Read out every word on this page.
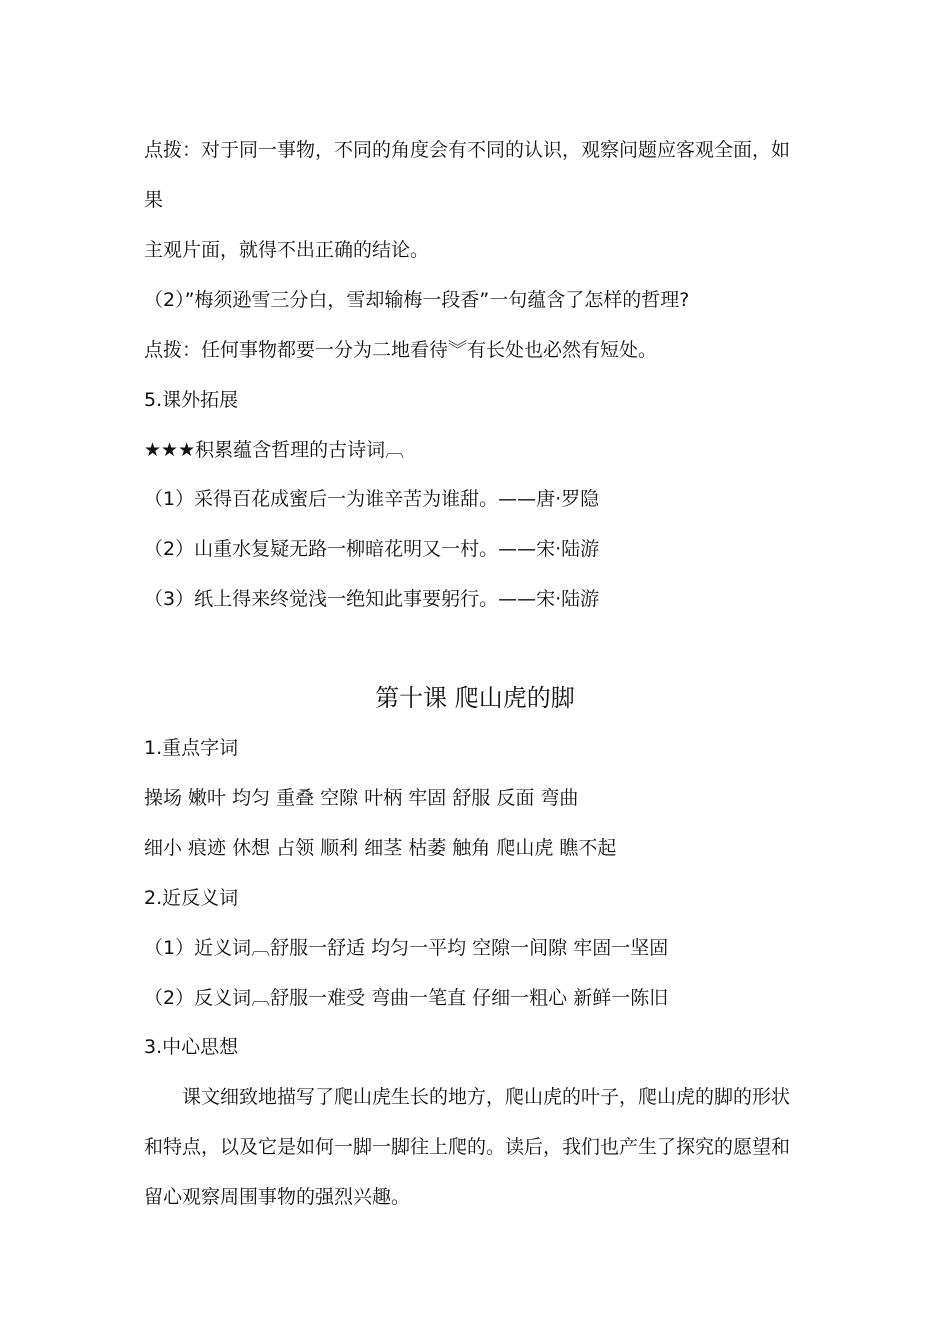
点拨：对于同一事物，不同的角度会有不同的认识，观察问题应客观全面，如
果
主观片面，就得不出正确的结论。
（2）”梅须逊雪三分白，雪却输梅一段香”一句蕴含了怎样的哲理?
点拨：任何事物都要一分为二地看待︾有长处也必然有短处。
5.课外拓展
★★★积累蕴含哲理的古诗词︹
（1）采得百花成蜜后一为谁辛苦为谁甜。——唐·罗隐
（2）山重水复疑无路一柳暗花明又一村。——宋·陆游
（3）纸上得来终觉浅一绝知此事要躬行。——宋·陆游
第十课 爬山虎的脚
1.重点字词
操场 嫩叶 均匀 重叠 空隙 叶柄 牢固 舒服 反面 弯曲
细小 痕迹 休想 占领 顺利 细茎 枯萎 触角 爬山虎 瞧不起
2.近反义词
（1）近义词︹舒服一舒适 均匀一平均 空隙一间隙 牢固一坚固
（2）反义词︹舒服一难受 弯曲一笔直 仔细一粗心 新鲜一陈旧
3.中心思想
课文细致地描写了爬山虎生长的地方，爬山虎的叶子，爬山虎的脚的形状
和特点，以及它是如何一脚一脚往上爬的。读后，我们也产生了探究的愿望和
留心观察周围事物的强烈兴趣。
